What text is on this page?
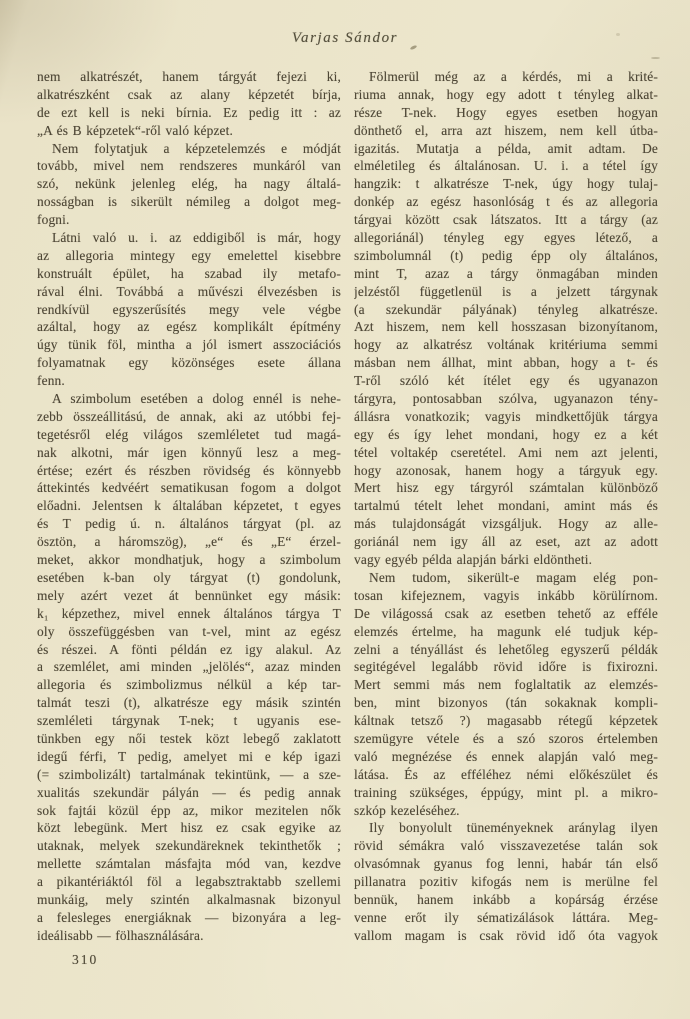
Varjas Sándor
nem alkatrészét, hanem tárgyát fejezi ki,
alkatrészként csak az alany képzetét bírja,
de ezt kell is neki bírnia. Ez pedig itt : az
„A és B képzetek“-ről való képzet.
Nem folytatjuk a képzetelemzés e módját
tovább, mivel nem rendszeres munkáról van
szó, nekünk jelenleg elég, ha nagy általá-
nosságban is sikerült némileg a dolgot meg-
fogni.
Látni való u. i. az eddigiből is már, hogy
az allegoria mintegy egy emelettel kisebbre
konstruált épület, ha szabad ily metafo-
rával élni. Továbbá a művészi élvezésben is
rendkívül egyszerűsítés megy vele végbe
azáltal, hogy az egész komplikált építmény
úgy tünik föl, mintha a jól ismert asszociációs
folyamatnak egy közönséges esete állana
fenn.
A szimbolum esetében a dolog ennél is nehe-
zebb összeállitású, de annak, aki az utóbbi fej-
tegetésről elég világos szemléletet tud magá-
nak alkotni, már igen könnyű lesz a meg-
értése; ezért és részben rövidség és könnyebb
áttekintés kedvéért sematikusan fogom a dolgot
előadni. Jelentsen k általában képzetet, t egyes
és T pedig ú. n. általános tárgyat (pl. az
ösztön, a háromszög), „e“ és „E“ érzel-
meket, akkor mondhatjuk, hogy a szimbolum
esetében k-ban oly tárgyat (t) gondolunk,
mely azért vezet át bennünket egy másik:
k₁ képzethez, mivel ennek általános tárgya T
oly összefüggésben van t-vel, mint az egész
és részei. A fönti példán ez igy alakul. Az
a szemlélet, ami minden „jelölés“, azaz minden
allegoria és szimbolizmus nélkül a kép tar-
talmát teszi (t), alkatrésze egy másik szintén
szemléleti tárgynak T-nek; t ugyanis ese-
tünkben egy női testek közt lebegő zaklatott
idegű férfi, T pedig, amelyet mi e kép igazi
(= szimbolizált) tartalmának tekintünk, — a sze-
xualitás szekundär pályán — és pedig annak
sok fajtái közül épp az, mikor mezitelen nők
közt lebegünk. Mert hisz ez csak egyike az
utaknak, melyek szekundäreknek tekinthetők ;
mellette számtalan másfajta mód van, kezdve
a pikantériáktól föl a legabsztraktabb szellemi
munkáig, mely szintén alkalmasnak bizonyul
a felesleges energiáknak — bizonyára a leg-
ideálisabb — fölhasználására.
Fölmerül még az a kérdés, mi a krité-
riuma annak, hogy egy adott t tényleg alkat-
része T-nek. Hogy egyes esetben hogyan
dönthető el, arra azt hiszem, nem kell útba-
igazitás. Mutatja a példa, amit adtam. De
elméletileg és általánosan. U. i. a tétel így
hangzik: t alkatrésze T-nek, úgy hogy tulaj-
donkép az egész hasonlóság t és az allegoria
tárgyai között csak látszatos. Itt a tárgy (az
allegoriánál) tényleg egy egyes létező, a
szimbolumnál (t) pedig épp oly általános,
mint T, azaz a tárgy önmagában minden
jelzéstől függetlenül is a jelzett tárgynak
(a szekundär pályának) tényleg alkatrésze.
Azt hiszem, nem kell hosszasan bizonyítanom,
hogy az alkatrész voltának kritériuma semmi
másban nem állhat, mint abban, hogy a t- és
T-ről szóló két ítélet egy és ugyanazon
tárgyra, pontosabban szólva, ugyanazon tény-
állásra vonatkozik; vagyis mindkettőjük tárgya
egy és így lehet mondani, hogy ez a két
tétel voltakép cseretétel. Ami nem azt jelenti,
hogy azonosak, hanem hogy a tárgyuk egy.
Mert hisz egy tárgyról számtalan különböző
tartalmú tételt lehet mondani, amint más és
más tulajdonságát vizsgáljuk. Hogy az alle-
goriánál nem igy áll az eset, azt az adott
vagy egyéb példa alapján bárki eldöntheti.
Nem tudom, sikerült-e magam elég pon-
tosan kifejeznem, vagyis inkább körülírnom.
De világossá csak az esetben tehető az efféle
elemzés értelme, ha magunk elé tudjuk kép-
zelni a tényállást és lehetőleg egyszerű példák
segitégével legalább rövid időre is fixirozni.
Mert semmi más nem foglaltatik az elemzés-
ben, mint bizonyos (tán sokaknak kompli-
káltnak tetsző ?) magasabb rétegű képzetek
szemügyre vétele és a szó szoros értelemben
való megnézése és ennek alapján való meg-
látása. És az efféléhez némi előkészület és
training szükséges, éppúgy, mint pl. a mikro-
szkóp kezeléséhez.
Ily bonyolult tüneményeknek aránylag ilyen
rövid sémákra való visszavezetése talán sok
olvasómnak gyanus fog lenni, habár tán első
pillanatra pozitiv kifogás nem is merülne fel
bennük, hanem inkább a kopárság érzése
venne erőt ily sématizálások láttára. Meg-
vallom magam is csak rövid idő óta vagyok
310
